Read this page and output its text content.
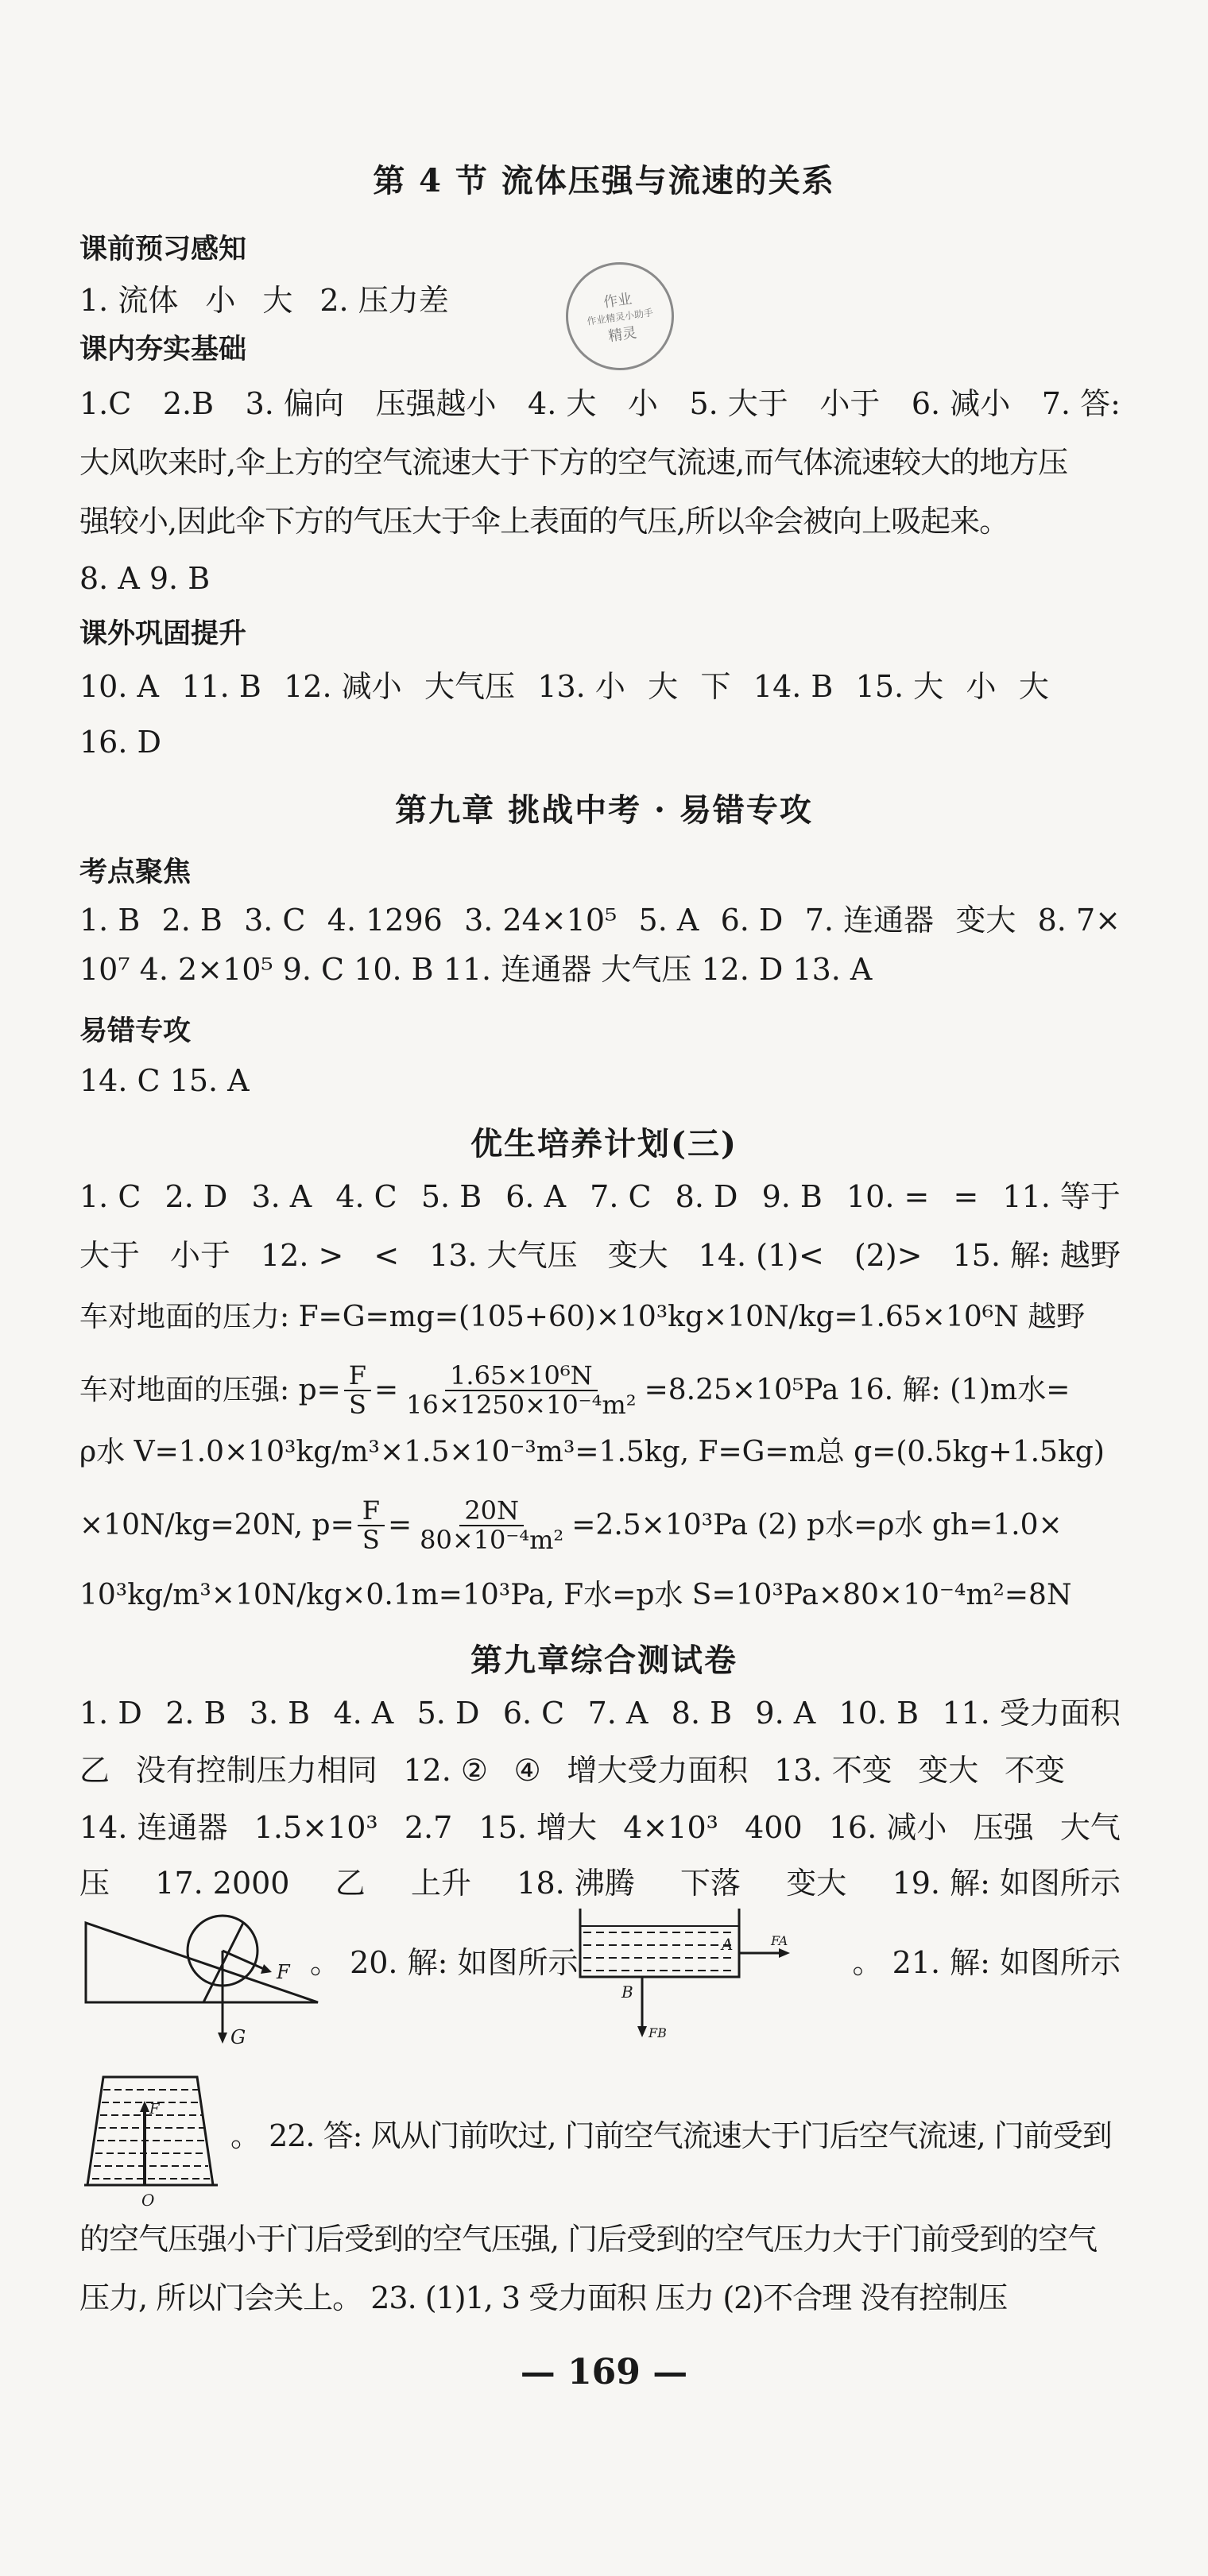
第 4 节 流体压强与流速的关系
课前预习感知
1. 流体 小 大 2. 压力差	作业
作业精灵小助手
精灵
课内夯实基础
1.C 2.B 3. 偏向 压强越小 4. 大 小 5. 大于 小于 6. 减小 7. 答:
大风吹来时,伞上方的空气流速大于下方的空气流速,而气体流速较大的地方压
强较小,因此伞下方的气压大于伞上表面的气压,所以伞会被向上吸起来。
8. A 9. B
课外巩固提升
10. A 11. B 12. 减小 大气压 13. 小 大 下 14. B 15. 大 小 大
16. D
第九章 挑战中考 · 易错专攻
考点聚焦
1. B 2. B 3. C 4. 1296 3. 24×10⁵ 5. A 6. D 7. 连通器 变大 8. 7×
10⁷ 4. 2×10⁵ 9. C 10. B 11. 连通器 大气压 12. D 13. A
易错专攻
14. C 15. A
优生培养计划(三)
1. C 2. D 3. A 4. C 5. B 6. A 7. C 8. D 9. B 10. = = 11. 等于
大于 小于 12. > < 13. 大气压 变大 14. (1)< (2)> 15. 解: 越野
车对地面的压力: F=G=mg=(105+60)×10³kg×10N/kg=1.65×10⁶N 越野
车对地面的压强: $p= \frac{F}{S} = \frac{\text{1.65×10⁶N}}{\text{16×1250×10⁻⁴m²}} =8.25\times 10^5Pa$ 16. 解: (1)m水=
ρ水 V=1.0×10³kg/m³×1.5×10⁻³m³=1.5kg, F=G=m总 g=(0.5kg+1.5kg)
×10N/kg=20N, $p= \frac{F}{S} = \frac{20N}{\text{80×10⁻⁴m²}} =2.5\times 10^3Pa$ (2) p水=ρ水 gh=1.0×
10³kg/m³×10N/kg×0.1m=10³Pa, F水=p水 S=10³Pa×80×10⁻⁴m²=8N
第九章综合测试卷
1. D 2. B 3. B 4. A 5. D 6. C 7. A 8. B 9. A 10. B 11. 受力面积
乙 没有控制压力相同 12. ② ④ 增大受力面积 13. 不变 变大 不变
14. 连通器 1.5×10³ 2.7 15. 增大 4×10³ 400 16. 减小 压强 大气
压 17. 2000 乙 上升 18. 沸腾 下落 变大 19. 解: 如图所示
F
G
。 20. 解: 如图所示
A	FA
B
FB
。 21. 解: 如图所示
F
O
。 22. 答: 风从门前吹过, 门前空气流速大于门后空气流速, 门前受到
的空气压强小于门后受到的空气压强, 门后受到的空气压力大于门前受到的空气
压力, 所以门会关上。 23. (1)1, 3 受力面积 压力 (2)不合理 没有控制压
— 169 —
